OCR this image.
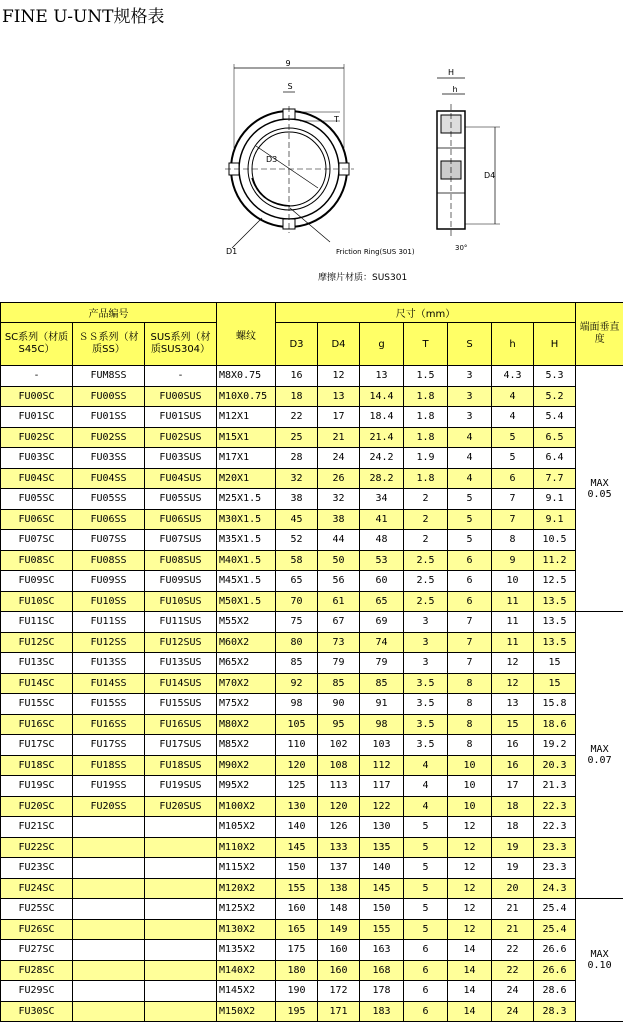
FINE U-UNT规格表
9
S
T
D3
D1	Friction Ring(SUS 301)
H
h
D4
30°
摩擦片材质：SUS301
产品编号			螺纹	尺寸（mm）							端面垂直度
SC系列（材质S45C）	ＳＳ系列（材质SS）	SUS系列（材质SUS304）		D3	D4	g	T	S	h	H	
-	FUM8SS	-	M8X0.75	16	12	13	1.5	3	4.3	5.3	MAX 0.05
FU00SC	FU00SS	FU00SUS	M10X0.75	18	13	14.4	1.8	3	4	5.2	
FU01SC	FU01SS	FU01SUS	M12X1	22	17	18.4	1.8	3	4	5.4	
FU02SC	FU02SS	FU02SUS	M15X1	25	21	21.4	1.8	4	5	6.5	
FU03SC	FU03SS	FU03SUS	M17X1	28	24	24.2	1.9	4	5	6.4	
FU04SC	FU04SS	FU04SUS	M20X1	32	26	28.2	1.8	4	6	7.7	
FU05SC	FU05SS	FU05SUS	M25X1.5	38	32	34	2	5	7	9.1	
FU06SC	FU06SS	FU06SUS	M30X1.5	45	38	41	2	5	7	9.1	
FU07SC	FU07SS	FU07SUS	M35X1.5	52	44	48	2	5	8	10.5	
FU08SC	FU08SS	FU08SUS	M40X1.5	58	50	53	2.5	6	9	11.2	
FU09SC	FU09SS	FU09SUS	M45X1.5	65	56	60	2.5	6	10	12.5	
FU10SC	FU10SS	FU10SUS	M50X1.5	70	61	65	2.5	6	11	13.5	
FU11SC	FU11SS	FU11SUS	M55X2	75	67	69	3	7	11	13.5	MAX 0.07
FU12SC	FU12SS	FU12SUS	M60X2	80	73	74	3	7	11	13.5	
FU13SC	FU13SS	FU13SUS	M65X2	85	79	79	3	7	12	15	
FU14SC	FU14SS	FU14SUS	M70X2	92	85	85	3.5	8	12	15	
FU15SC	FU15SS	FU15SUS	M75X2	98	90	91	3.5	8	13	15.8	
FU16SC	FU16SS	FU16SUS	M80X2	105	95	98	3.5	8	15	18.6	
FU17SC	FU17SS	FU17SUS	M85X2	110	102	103	3.5	8	16	19.2	
FU18SC	FU18SS	FU18SUS	M90X2	120	108	112	4	10	16	20.3	
FU19SC	FU19SS	FU19SUS	M95X2	125	113	117	4	10	17	21.3	
FU20SC	FU20SS	FU20SUS	M100X2	130	120	122	4	10	18	22.3	
FU21SC			M105X2	140	126	130	5	12	18	22.3	
FU22SC			M110X2	145	133	135	5	12	19	23.3	
FU23SC			M115X2	150	137	140	5	12	19	23.3	
FU24SC			M120X2	155	138	145	5	12	20	24.3	
FU25SC			M125X2	160	148	150	5	12	21	25.4	MAX 0.10
FU26SC			M130X2	165	149	155	5	12	21	25.4	
FU27SC			M135X2	175	160	163	6	14	22	26.6	
FU28SC			M140X2	180	160	168	6	14	22	26.6	
FU29SC			M145X2	190	172	178	6	14	24	28.6	
FU30SC			M150X2	195	171	183	6	14	24	28.3	
